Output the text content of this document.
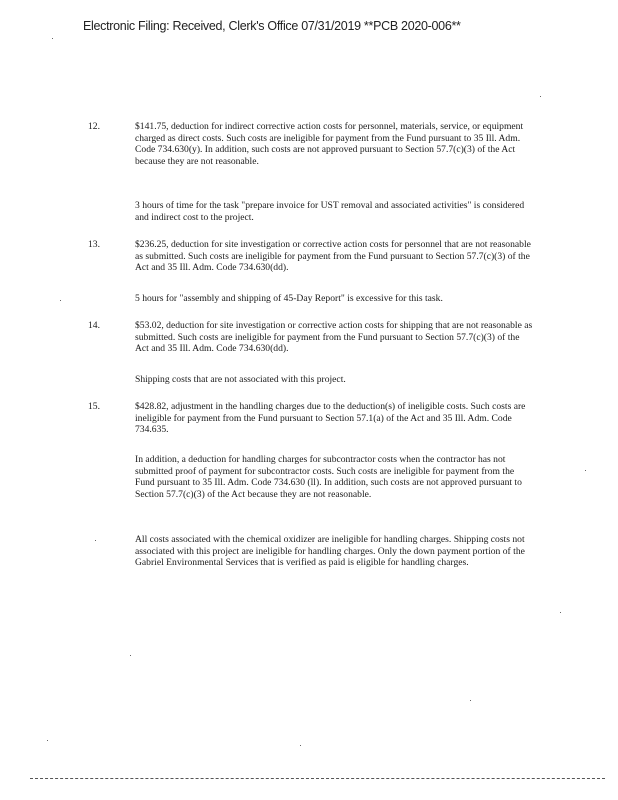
Electronic Filing: Received, Clerk's Office 07/31/2019 **PCB 2020-006**
12.	$141.75, deduction for indirect corrective action costs for personnel, materials, service, or equipment charged as direct costs. Such costs are ineligible for payment from the Fund pursuant to 35 Ill. Adm. Code 734.630(y). In addition, such costs are not approved pursuant to Section 57.7(c)(3) of the Act because they are not reasonable.
3 hours of time for the task "prepare invoice for UST removal and associated activities" is considered and indirect cost to the project.
13.	$236.25, deduction for site investigation or corrective action costs for personnel that are not reasonable as submitted. Such costs are ineligible for payment from the Fund pursuant to Section 57.7(c)(3) of the Act and 35 Ill. Adm. Code 734.630(dd).
5 hours for "assembly and shipping of 45-Day Report" is excessive for this task.
14.	$53.02, deduction for site investigation or corrective action costs for shipping that are not reasonable as submitted. Such costs are ineligible for payment from the Fund pursuant to Section 57.7(c)(3) of the Act and 35 Ill. Adm. Code 734.630(dd).
Shipping costs that are not associated with this project.
15.	$428.82, adjustment in the handling charges due to the deduction(s) of ineligible costs. Such costs are ineligible for payment from the Fund pursuant to Section 57.1(a) of the Act and 35 Ill. Adm. Code 734.635.
In addition, a deduction for handling charges for subcontractor costs when the contractor has not submitted proof of payment for subcontractor costs. Such costs are ineligible for payment from the Fund pursuant to 35 Ill. Adm. Code 734.630 (ll). In addition, such costs are not approved pursuant to Section 57.7(c)(3) of the Act because they are not reasonable.
All costs associated with the chemical oxidizer are ineligible for handling charges. Shipping costs not associated with this project are ineligible for handling charges. Only the down payment portion of the Gabriel Environmental Services that is verified as paid is eligible for handling charges.
